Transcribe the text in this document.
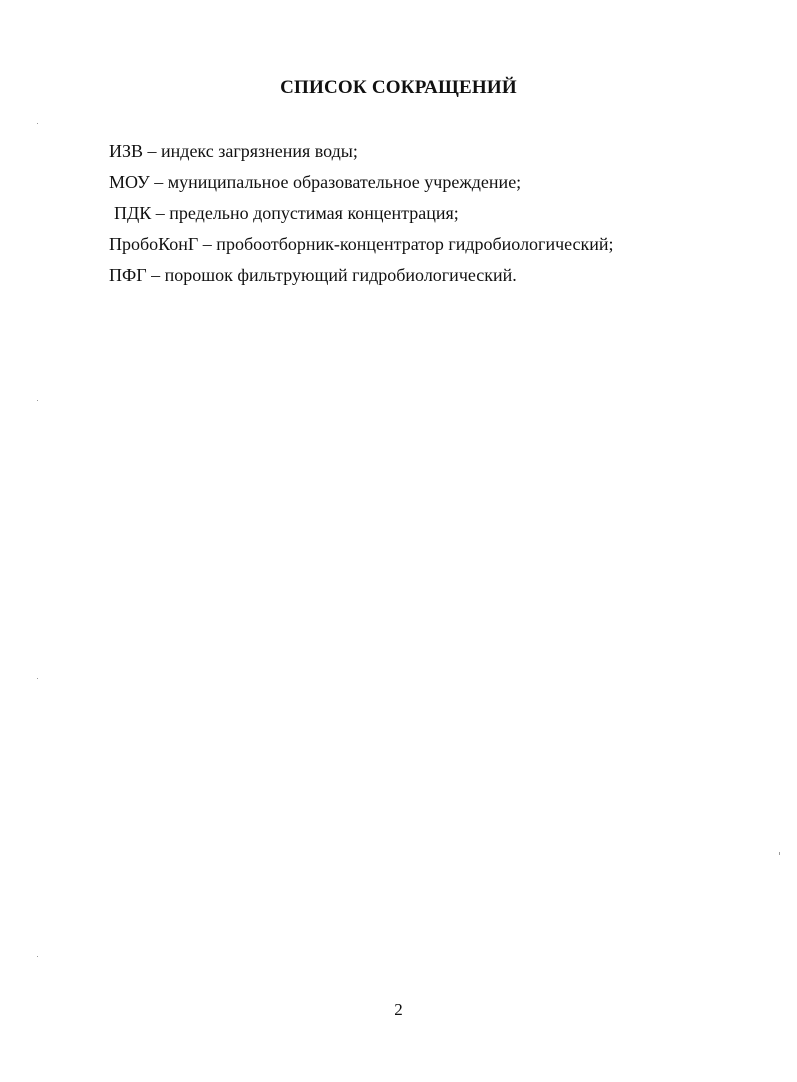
СПИСОК СОКРАЩЕНИЙ
ИЗВ – индекс загрязнения воды;
МОУ – муниципальное образовательное учреждение;
ПДК – предельно допустимая концентрация;
ПробоКонГ – пробоотборник-концентратор гидробиологический;
ПФГ – порошок фильтрующий гидробиологический.
2
